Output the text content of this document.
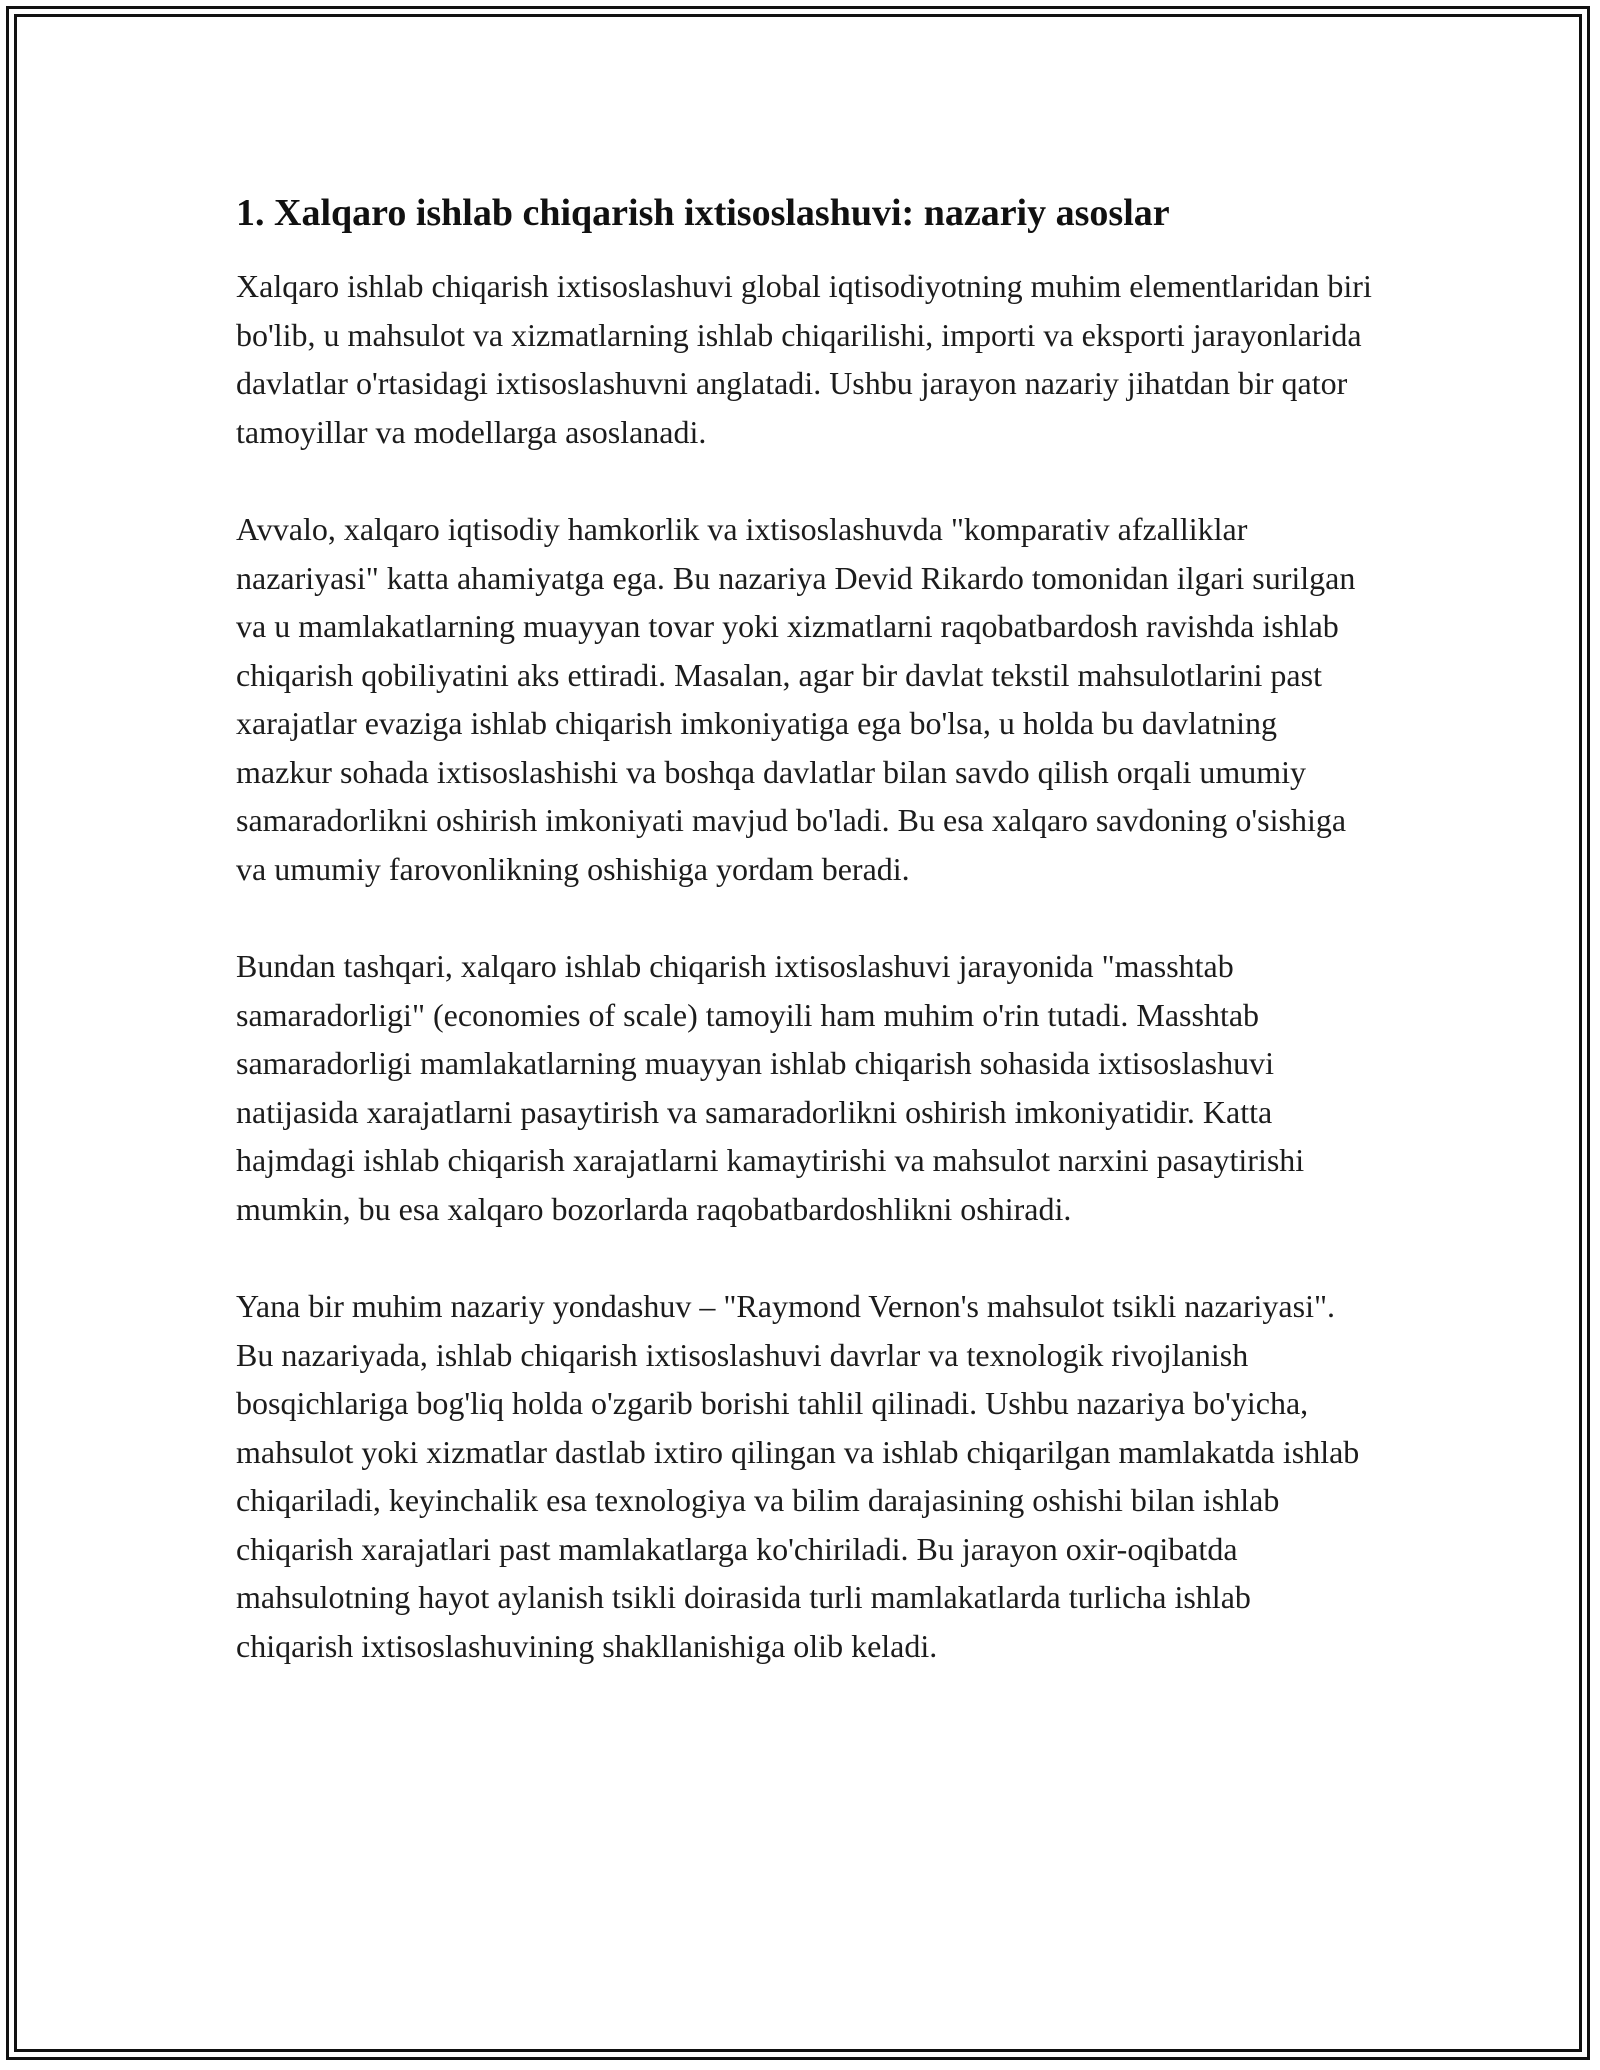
1. Xalqaro ishlab chiqarish ixtisoslashuvi: nazariy asoslar

Xalqaro ishlab chiqarish ixtisoslashuvi global iqtisodiyotning muhim elementlaridan biri bo'lib, u mahsulot va xizmatlarning ishlab chiqarilishi, importi va eksporti jarayonlarida davlatlar o'rtasidagi ixtisoslashuvni anglatadi. Ushbu jarayon nazariy jihatdan bir qator tamoyillar va modellarga asoslanadi.

Avvalo, xalqaro iqtisodiy hamkorlik va ixtisoslashuvda "komparativ afzalliklar nazariyasi" katta ahamiyatga ega. Bu nazariya Devid Rikardo tomonidan ilgari surilgan va u mamlakatlarning muayyan tovar yoki xizmatlarni raqobatbardosh ravishda ishlab chiqarish qobiliyatini aks ettiradi. Masalan, agar bir davlat tekstil mahsulotlarini past xarajatlar evaziga ishlab chiqarish imkoniyatiga ega bo'lsa, u holda bu davlatning mazkur sohada ixtisoslashishi va boshqa davlatlar bilan savdo qilish orqali umumiy samaradorlikni oshirish imkoniyati mavjud bo'ladi. Bu esa xalqaro savdoning o'sishiga va umumiy farovonlikning oshishiga yordam beradi.

Bundan tashqari, xalqaro ishlab chiqarish ixtisoslashuvi jarayonida "masshtab samaradorligi" (economies of scale) tamoyili ham muhim o'rin tutadi. Masshtab samaradorligi mamlakatlarning muayyan ishlab chiqarish sohasida ixtisoslashuvi natijasida xarajatlarni pasaytirish va samaradorlikni oshirish imkoniyatidir. Katta hajmdagi ishlab chiqarish xarajatlarni kamaytirishi va mahsulot narxini pasaytirishi mumkin, bu esa xalqaro bozorlarda raqobatbardoshlikni oshiradi.

Yana bir muhim nazariy yondashuv – "Raymond Vernon's mahsulot tsikli nazariyasi". Bu nazariyada, ishlab chiqarish ixtisoslashuvi davrlar va texnologik rivojlanish bosqichlariga bog'liq holda o'zgarib borishi tahlil qilinadi. Ushbu nazariya bo'yicha, mahsulot yoki xizmatlar dastlab ixtiro qilingan va ishlab chiqarilgan mamlakatda ishlab chiqariladi, keyinchalik esa texnologiya va bilim darajasining oshishi bilan ishlab chiqarish xarajatlari past mamlakatlarga ko'chiriladi. Bu jarayon oxir-oqibatda mahsulotning hayot aylanish tsikli doirasida turli mamlakatlarda turlicha ishlab chiqarish ixtisoslashuvining shakllanishiga olib keladi.
